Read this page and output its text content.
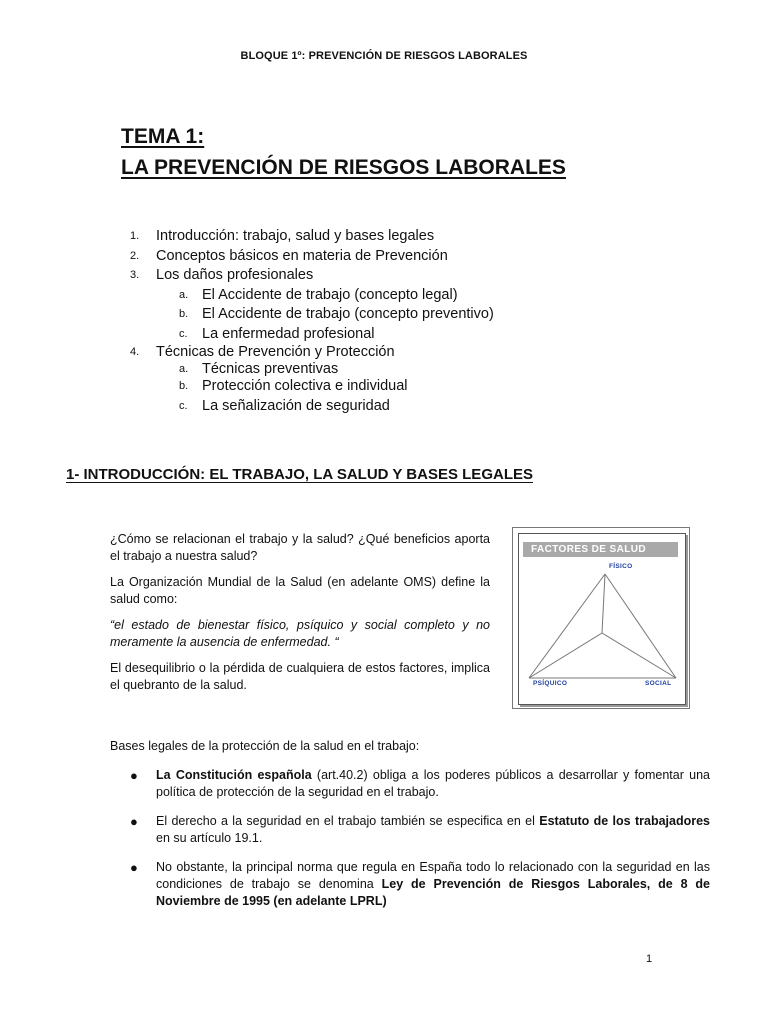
BLOQUE 1º: PREVENCIÓN DE RIESGOS LABORALES
TEMA 1:
LA PREVENCIÓN DE RIESGOS LABORALES
1.	Introducción: trabajo, salud y bases legales
2.	Conceptos básicos en materia de Prevención
3.	Los daños profesionales
a. El Accidente de trabajo (concepto legal)
b. El Accidente de trabajo (concepto preventivo)
c. La enfermedad profesional
4.	Técnicas de Prevención y Protección
a. Técnicas preventivas
b. Protección colectiva e individual
c. La señalización de seguridad
1- INTRODUCCIÓN: EL TRABAJO, LA SALUD Y BASES LEGALES

¿Cómo se relacionan el trabajo y la salud? ¿Qué beneficios aporta el trabajo a nuestra salud?

La Organización Mundial de la Salud (en adelante OMS) define la salud como:

“el estado de bienestar físico, psíquico y social completo y no meramente la ausencia de enfermedad. “

El desequilibrio o la pérdida de cualquiera de estos factores, implica el quebranto de la salud.

FACTORES DE SALUD
FÍSICO
PSÍQUICO	SOCIAL
Bases legales de la protección de la salud en el trabajo:
● La Constitución española (art.40.2) obliga a los poderes públicos a desarrollar y fomentar una política de protección de la seguridad en el trabajo.
● El derecho a la seguridad en el trabajo también se especifica en el Estatuto de los trabajadores en su artículo 19.1.
● No obstante, la principal norma que regula en España todo lo relacionado con la seguridad en las condiciones de trabajo se denomina Ley de Prevención de Riesgos Laborales, de 8 de Noviembre de 1995 (en adelante LPRL)
1
